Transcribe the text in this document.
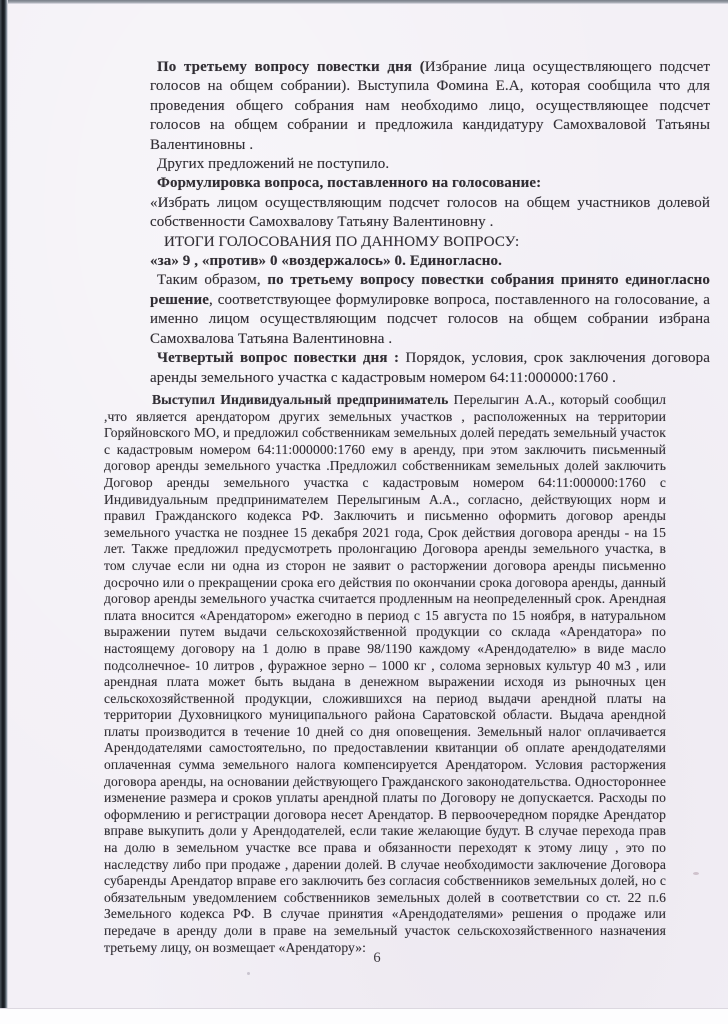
По третьему вопросу повестки дня (Избрание лица осуществляющего подсчет голосов на общем собрании). Выступила Фомина Е.А, которая сообщила что для проведения общего собрания нам необходимо лицо, осуществляющее подсчет голосов на общем собрании и предложила кандидатуру Самохваловой Татьяны Валентиновны .

Других предложений не поступило.

Формулировка вопроса, поставленного на голосование:

«Избрать лицом осуществляющим подсчет голосов на общем участников долевой собственности Самохвалову Татьяну Валентиновну .

ИТОГИ ГОЛОСОВАНИЯ ПО ДАННОМУ ВОПРОСУ:

«за» 9 , «против» 0 «воздержалось» 0. Единогласно.

Таким образом, по третьему вопросу повестки собрания принято единогласно решение, соответствующее формулировке вопроса, поставленного на голосование, а именно лицом осуществляющим подсчет голосов на общем собрании избрана Самохвалова Татьяна Валентиновна .

Четвертый вопрос повестки дня : Порядок, условия, срок заключения договора аренды земельного участка с кадастровым номером 64:11:000000:1760 .

Выступил Индивидуальный предприниматель Перелыгин А.А., который сообщил ,что является арендатором других земельных участков , расположенных на территории Горяйновского МО, и предложил собственникам земельных долей передать земельный участок с кадастровым номером 64:11:000000:1760 ему в аренду, при этом заключить письменный договор аренды земельного участка .Предложил собственникам земельных долей заключить Договор аренды земельного участка с кадастровым номером 64:11:000000:1760 с Индивидуальным предпринимателем Перелыгиным А.А., согласно, действующих норм и правил Гражданского кодекса РФ. Заключить и письменно оформить договор аренды земельного участка не позднее 15 декабря 2021 года, Срок действия договора аренды - на 15 лет. Также предложил предусмотреть пролонгацию Договора аренды земельного участка, в том случае если ни одна из сторон не заявит о расторжении договора аренды письменно досрочно или о прекращении срока его действия по окончании срока договора аренды, данный договор аренды земельного участка считается продленным на неопределенный срок. Арендная плата вносится «Арендатором» ежегодно в период с 15 августа по 15 ноября, в натуральном выражении путем выдачи сельскохозяйственной продукции со склада «Арендатора» по настоящему договору на 1 долю в праве 98/1190 каждому «Арендодателю» в виде масло подсолнечное- 10 литров , фуражное зерно – 1000 кг , солома зерновых культур 40 м3 , или арендная плата может быть выдана в денежном выражении исходя из рыночных цен сельскохозяйственной продукции, сложившихся на период выдачи арендной платы на территории Духовницкого муниципального района Саратовской области. Выдача арендной платы производится в течение 10 дней со дня оповещения. Земельный налог оплачивается Арендодателями самостоятельно, по предоставлении квитанции об оплате арендодателями оплаченная сумма земельного налога компенсируется Арендатором. Условия расторжения договора аренды, на основании действующего Гражданского законодательства. Одностороннее изменение размера и сроков уплаты арендной платы по Договору не допускается. Расходы по оформлению и регистрации договора несет Арендатор. В первоочередном порядке Арендатор вправе выкупить доли у Арендодателей, если такие желающие будут. В случае перехода прав на долю в земельном участке все права и обязанности переходят к этому лицу , это по наследству либо при продаже , дарении долей. В случае необходимости заключение Договора субаренды Арендатор вправе его заключить без согласия собственников земельных долей, но с обязательным уведомлением собственников земельных долей в соответствии со ст. 22 п.6 Земельного кодекса РФ. В случае принятия «Арендодателями» решения о продаже или передаче в аренду доли в праве на земельный участок сельскохозяйственного назначения третьему лицу, он возмещает «Арендатору»:

6
